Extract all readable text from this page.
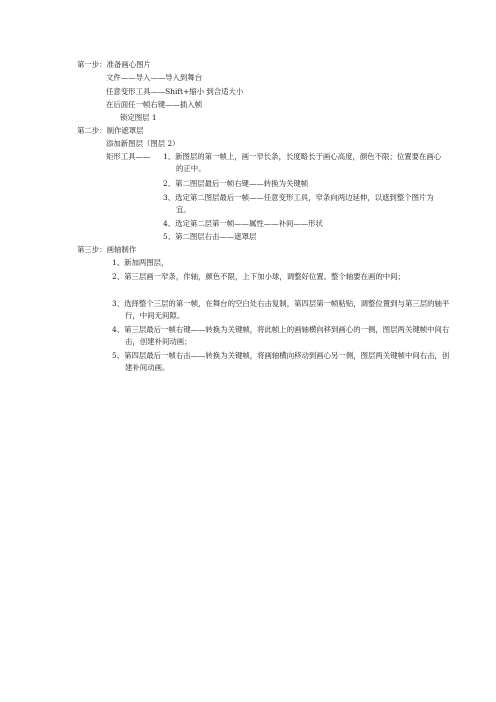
第一步：准备画心图片
文件——导入——导入到舞台
任意变形工具——Shift+缩小 到合适大小
在后面任一帧右键——插入帧
锁定图层 1
第二步：制作遮罩层
添加新图层（图层 2）
矩形工具—— 1、新图层的第一帧上，画一窄长条，长度略长于画心高度，颜色不限；位置要在画心的正中。
2、第二图层最后一帧右键——转换为关键帧
3、选定第二图层最后一帧——任意变形工具，窄条向两边延伸，以遮到整个图片为宜。
4、选定第二层第一帧——属性——补间——形状
5、第二图层右击——遮罩层
第三步：画轴制作
1、新加两图层，
2、第三层画一窄条，作轴，颜色不限，上下加小球，调整好位置。整个轴要在画的中间；
3、选择整个三层的第一帧，在舞台的空白处右击复制，第四层第一帧粘贴，调整位置到与第三层的轴平行，中间无间隙。
4、第三层最后一帧右键——转换为关键帧，将此帧上的画轴横向移到画心的一侧，图层两关键帧中间右击，创建补间动画；
5、第四层最后一帧右击——转换为关键帧，将画轴横向移动到画心另一侧，图层两关键帧中间右击，创建补间动画。
